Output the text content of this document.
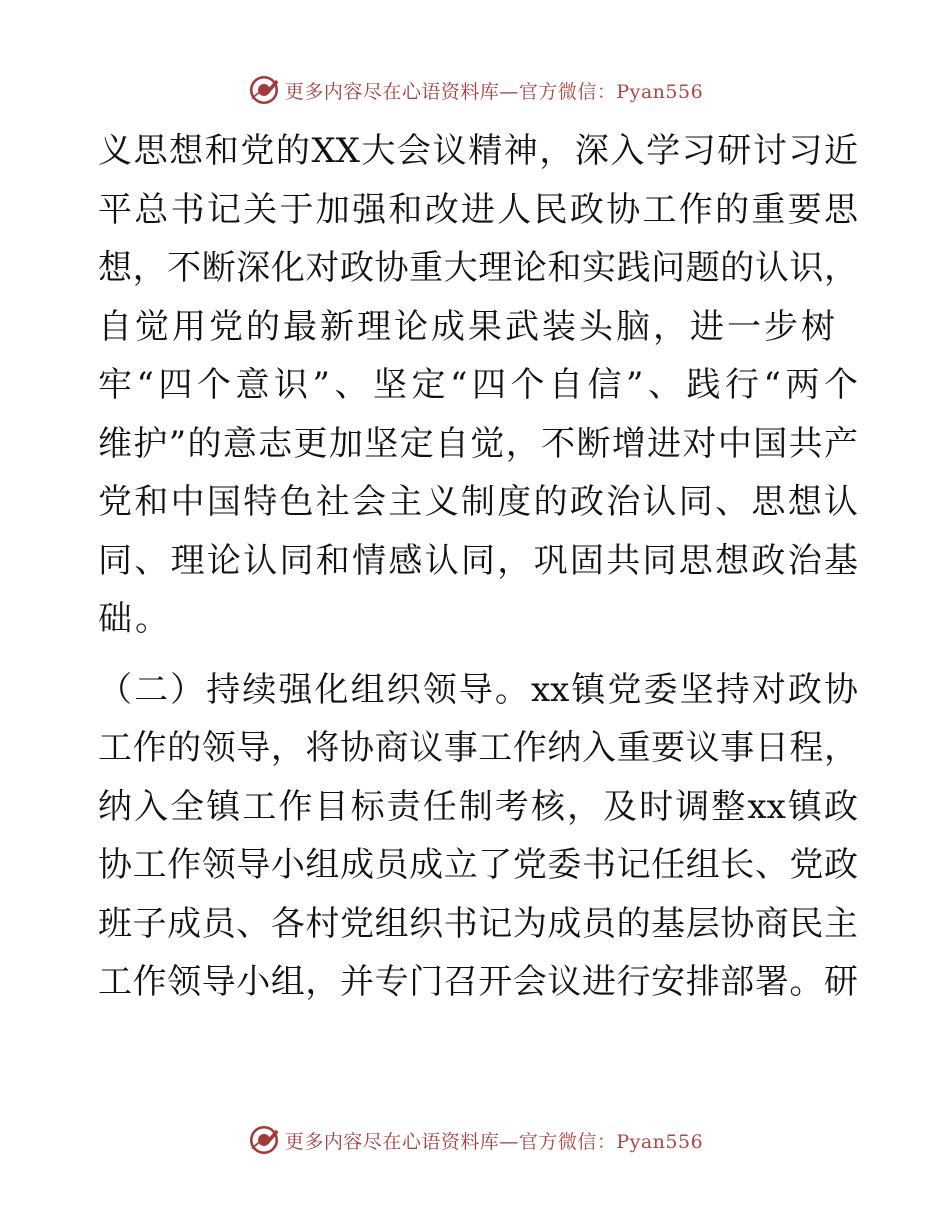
更多内容尽在心语资料库—官方微信：Pyan556
义思想和党的XX大会议精神，深入学习研讨习近
平总书记关于加强和改进人民政协工作的重要思
想，不断深化对政协重大理论和实践问题的认识，
自觉用党的最新理论成果武装头脑，进一步树
牢“四个意识”、坚定“四个自信”、践行“两个
维护”的意志更加坚定自觉，不断增进对中国共产
党和中国特色社会主义制度的政治认同、思想认
同、理论认同和情感认同，巩固共同思想政治基
础。
（二）持续强化组织领导。xx镇党委坚持对政协
工作的领导，将协商议事工作纳入重要议事日程，
纳入全镇工作目标责任制考核，及时调整xx镇政
协工作领导小组成员成立了党委书记任组长、党政
班子成员、各村党组织书记为成员的基层协商民主
工作领导小组，并专门召开会议进行安排部署。研
更多内容尽在心语资料库—官方微信：Pyan556
